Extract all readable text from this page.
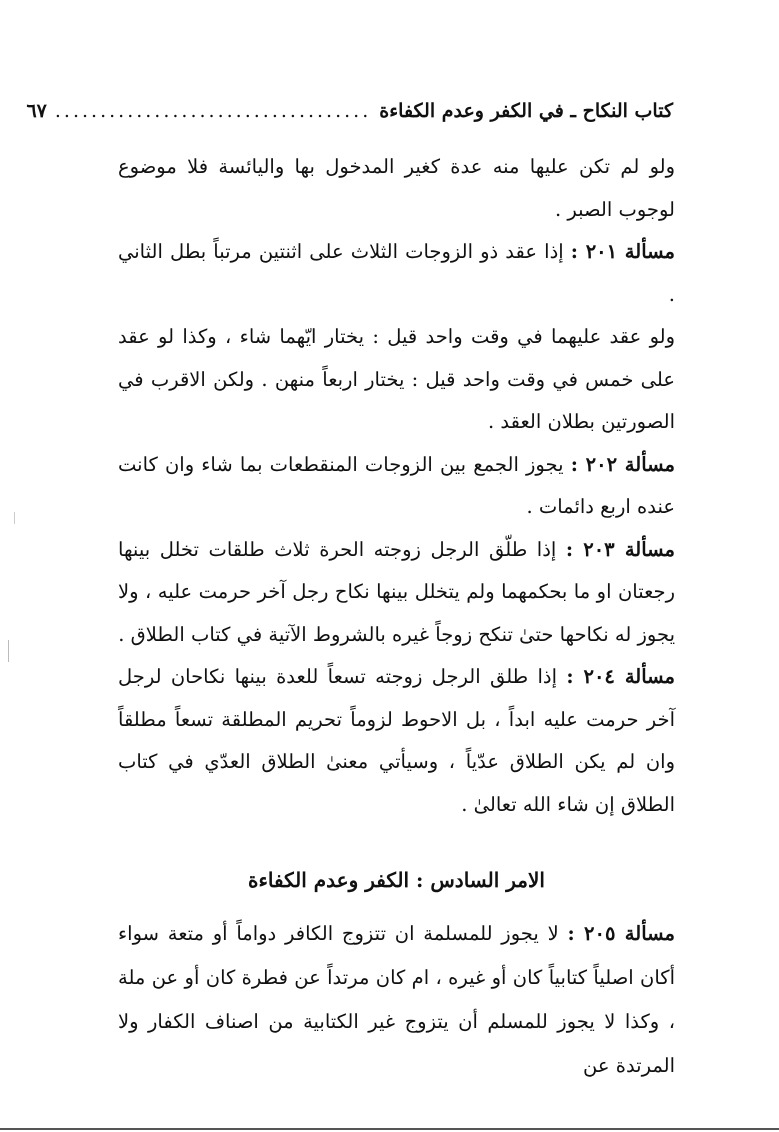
كتاب النكاح ـ في الكفر وعدم الكفاءة
...................................
٦٧

ولو لم تكن عليها منه عدة كغير المدخول بها واليائسة فلا موضوع لوجوب الصبر .

مسألة ٢٠١ : إذا عقد ذو الزوجات الثلاث على اثنتين مرتباً بطل الثاني .

ولو عقد عليهما في وقت واحد قيل : يختار ايّهما شاء ، وكذا لو عقد على خمس في وقت واحد قيل : يختار اربعاً منهن . ولكن الاقرب في الصورتين بطلان العقد .

مسألة ٢٠٢ : يجوز الجمع بين الزوجات المنقطعات بما شاء وان كانت عنده اربع دائمات .

مسألة ٢٠٣ : إذا طلّق الرجل زوجته الحرة ثلاث طلقات تخلل بينها رجعتان او ما بحكمهما ولم يتخلل بينها نكاح رجل آخر حرمت عليه ، ولا يجوز له نكاحها حتىٰ تنكح زوجاً غيره بالشروط الآتية في كتاب الطلاق .

مسألة ٢٠٤ : إذا طلق الرجل زوجته تسعاً للعدة بينها نكاحان لرجل آخر حرمت عليه ابداً ، بل الاحوط لزوماً تحريم المطلقة تسعاً مطلقاً وان لم يكن الطلاق عدّياً ، وسيأتي معنىٰ الطلاق العدّي في كتاب الطلاق إن شاء الله تعالىٰ .

الامر السادس : الكفر وعدم الكفاءة

مسألة ٢٠٥ : لا يجوز للمسلمة ان تتزوج الكافر دواماً أو متعة سواء أكان اصلياً كتابياً كان أو غيره ، ام كان مرتداً عن فطرة كان أو عن ملة ، وكذا لا يجوز للمسلم أن يتزوج غير الكتابية من اصناف الكفار ولا المرتدة عن
